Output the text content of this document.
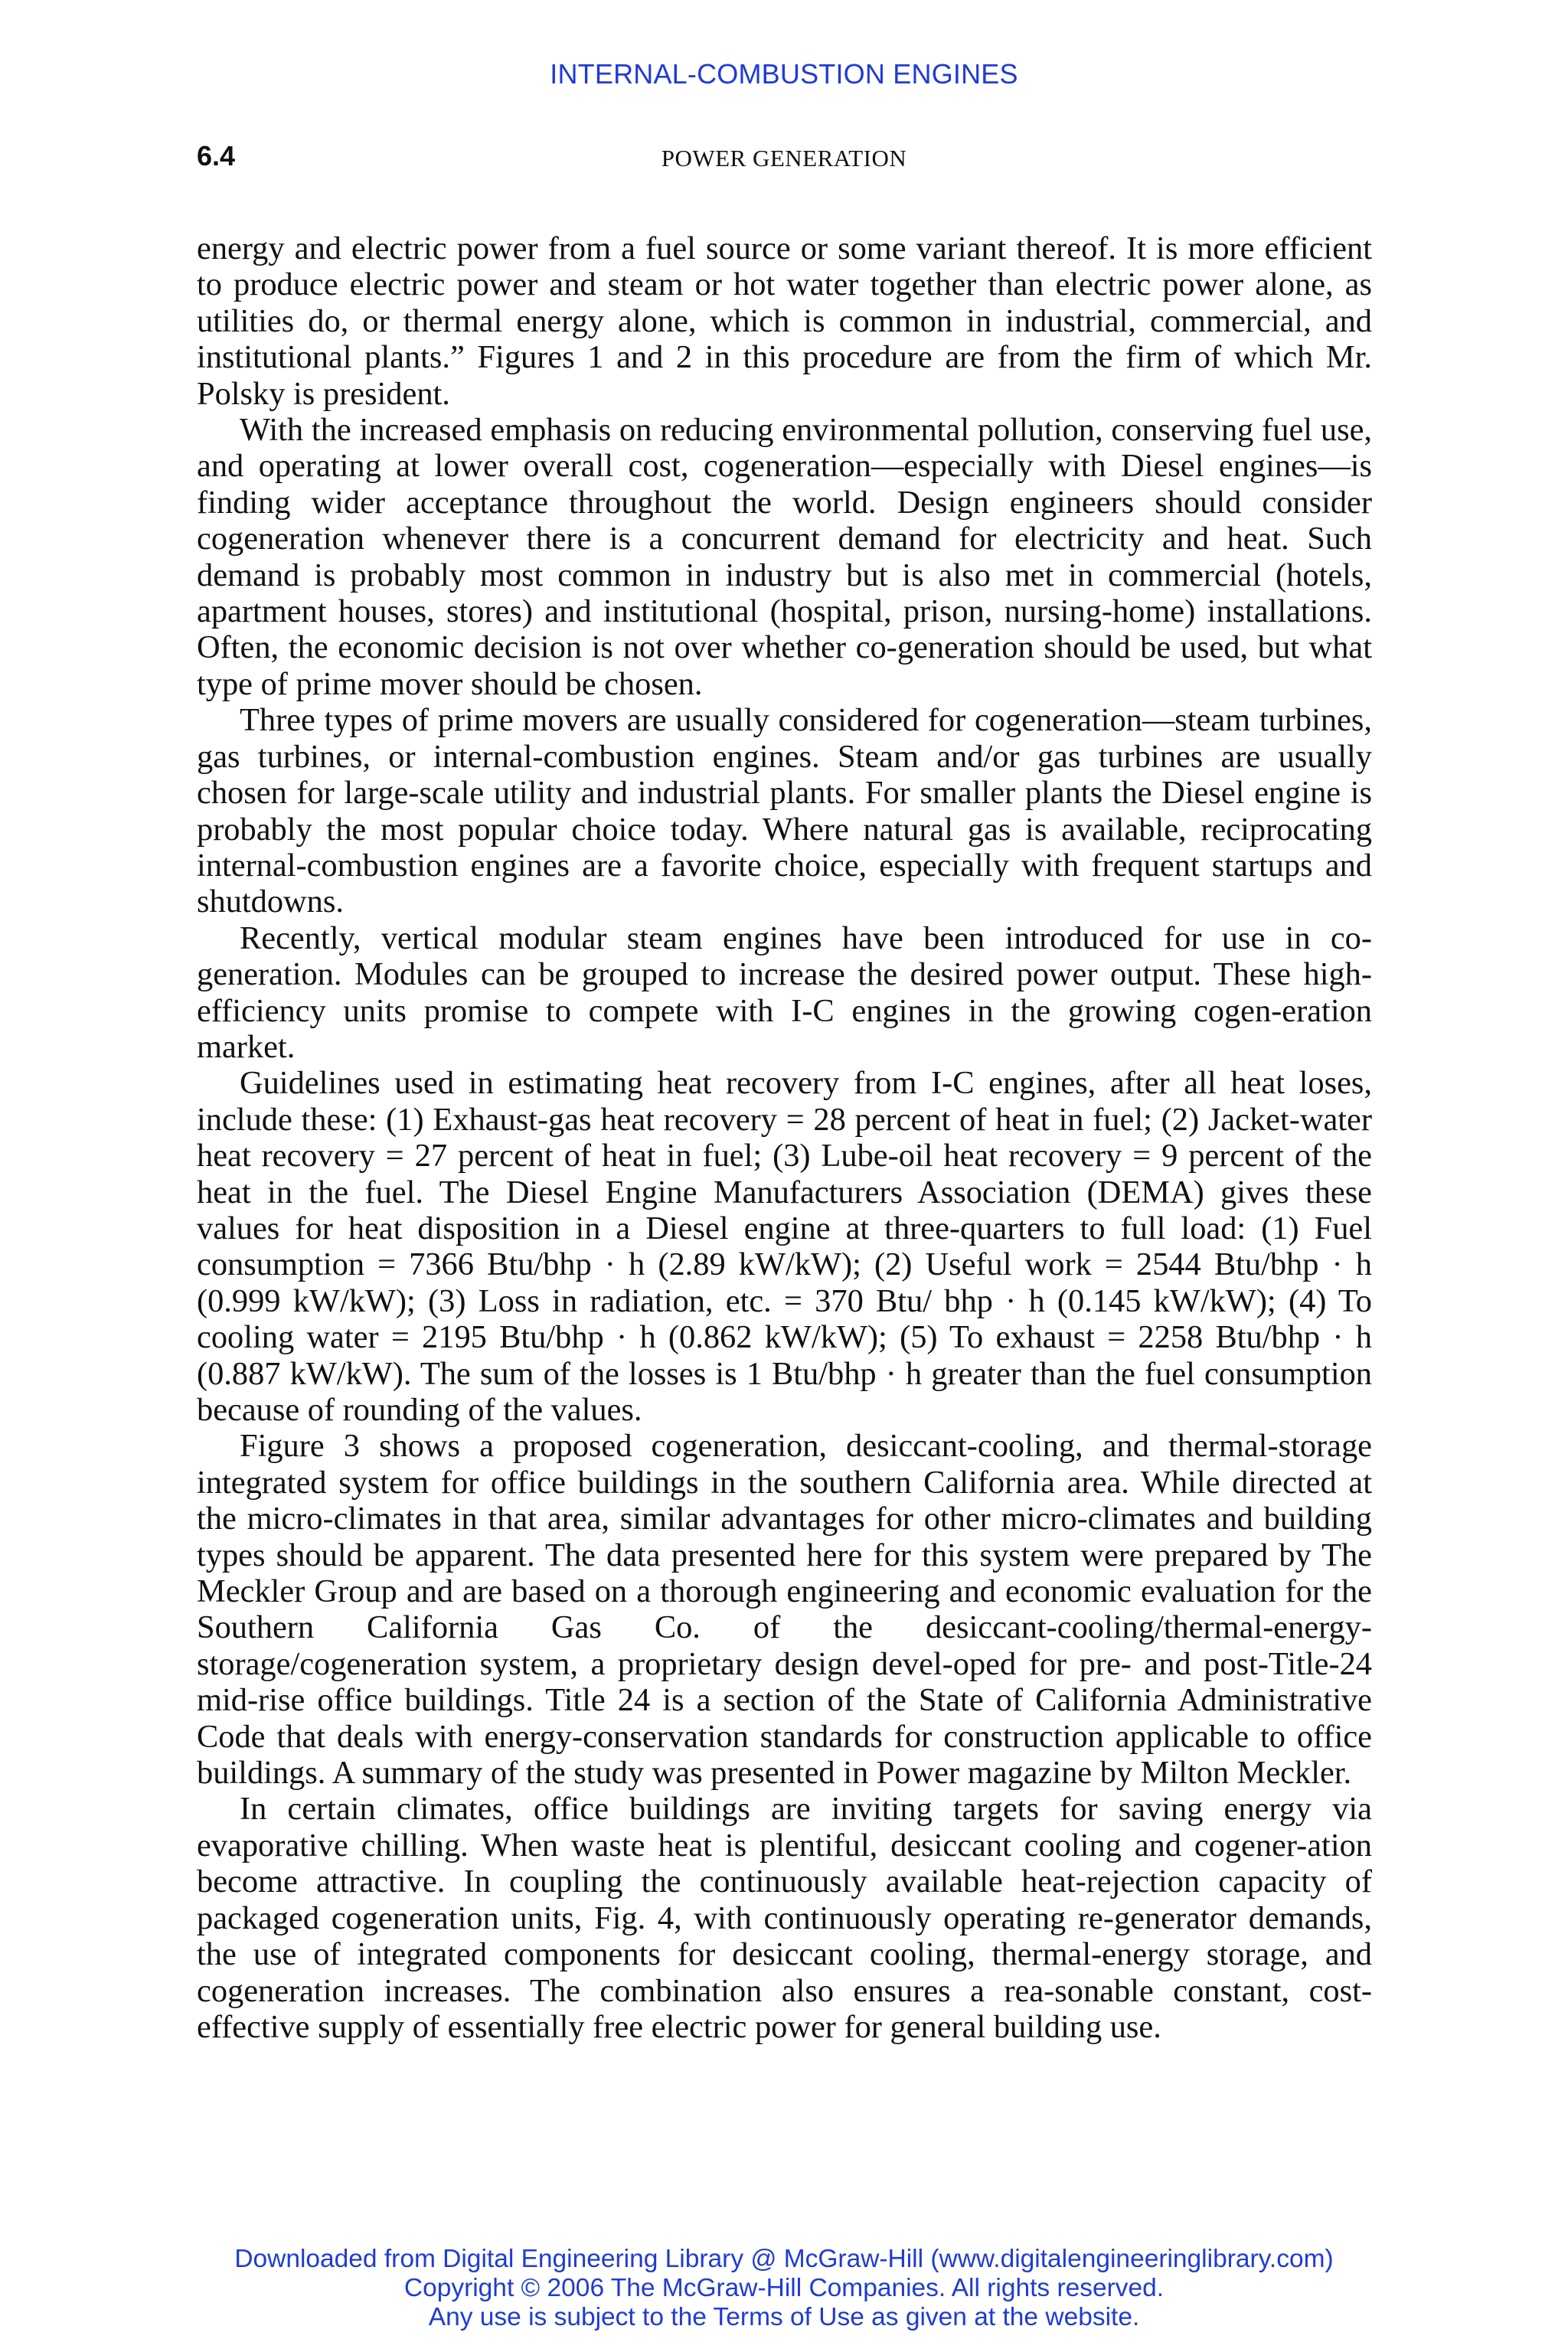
INTERNAL-COMBUSTION ENGINES
6.4	POWER GENERATION

energy and electric power from a fuel source or some variant thereof. It is more efficient to produce electric power and steam or hot water together than electric power alone, as utilities do, or thermal energy alone, which is common in industrial, commercial, and institutional plants.” Figures 1 and 2 in this procedure are from the firm of which Mr. Polsky is president.

With the increased emphasis on reducing environmental pollution, conserving fuel use, and operating at lower overall cost, cogeneration—especially with Diesel engines—is finding wider acceptance throughout the world. Design engineers should consider cogeneration whenever there is a concurrent demand for electricity and heat. Such demand is probably most common in industry but is also met in commercial (hotels, apartment houses, stores) and institutional (hospital, prison, nursing-home) installations. Often, the economic decision is not over whether co-generation should be used, but what type of prime mover should be chosen.

Three types of prime movers are usually considered for cogeneration—steam turbines, gas turbines, or internal-combustion engines. Steam and/or gas turbines are usually chosen for large-scale utility and industrial plants. For smaller plants the Diesel engine is probably the most popular choice today. Where natural gas is available, reciprocating internal-combustion engines are a favorite choice, especially with frequent startups and shutdowns.

Recently, vertical modular steam engines have been introduced for use in co-generation. Modules can be grouped to increase the desired power output. These high-efficiency units promise to compete with I-C engines in the growing cogen-eration market.

Guidelines used in estimating heat recovery from I-C engines, after all heat loses, include these: (1) Exhaust-gas heat recovery = 28 percent of heat in fuel; (2) Jacket-water heat recovery = 27 percent of heat in fuel; (3) Lube-oil heat recovery = 9 percent of the heat in the fuel. The Diesel Engine Manufacturers Association (DEMA) gives these values for heat disposition in a Diesel engine at three-quarters to full load: (1) Fuel consumption = 7366 Btu/bhp · h (2.89 kW/kW); (2) Useful work = 2544 Btu/bhp · h (0.999 kW/kW); (3) Loss in radiation, etc. = 370 Btu/ bhp · h (0.145 kW/kW); (4) To cooling water = 2195 Btu/bhp · h (0.862 kW/kW); (5) To exhaust = 2258 Btu/bhp · h (0.887 kW/kW). The sum of the losses is 1 Btu/bhp · h greater than the fuel consumption because of rounding of the values.

Figure 3 shows a proposed cogeneration, desiccant-cooling, and thermal-storage integrated system for office buildings in the southern California area. While directed at the micro-climates in that area, similar advantages for other micro-climates and building types should be apparent. The data presented here for this system were prepared by The Meckler Group and are based on a thorough engineering and economic evaluation for the Southern California Gas Co. of the desiccant-cooling/thermal-energy-storage/cogeneration system, a proprietary design devel-oped for pre- and post-Title-24 mid-rise office buildings. Title 24 is a section of the State of California Administrative Code that deals with energy-conservation standards for construction applicable to office buildings. A summary of the study was presented in Power magazine by Milton Meckler.

In certain climates, office buildings are inviting targets for saving energy via evaporative chilling. When waste heat is plentiful, desiccant cooling and cogener-ation become attractive. In coupling the continuously available heat-rejection capacity of packaged cogeneration units, Fig. 4, with continuously operating re-generator demands, the use of integrated components for desiccant cooling, thermal-energy storage, and cogeneration increases. The combination also ensures a rea-sonable constant, cost-effective supply of essentially free electric power for general building use.

Downloaded from Digital Engineering Library @ McGraw-Hill (www.digitalengineeringlibrary.com)
Copyright © 2006 The McGraw-Hill Companies. All rights reserved.
Any use is subject to the Terms of Use as given at the website.
